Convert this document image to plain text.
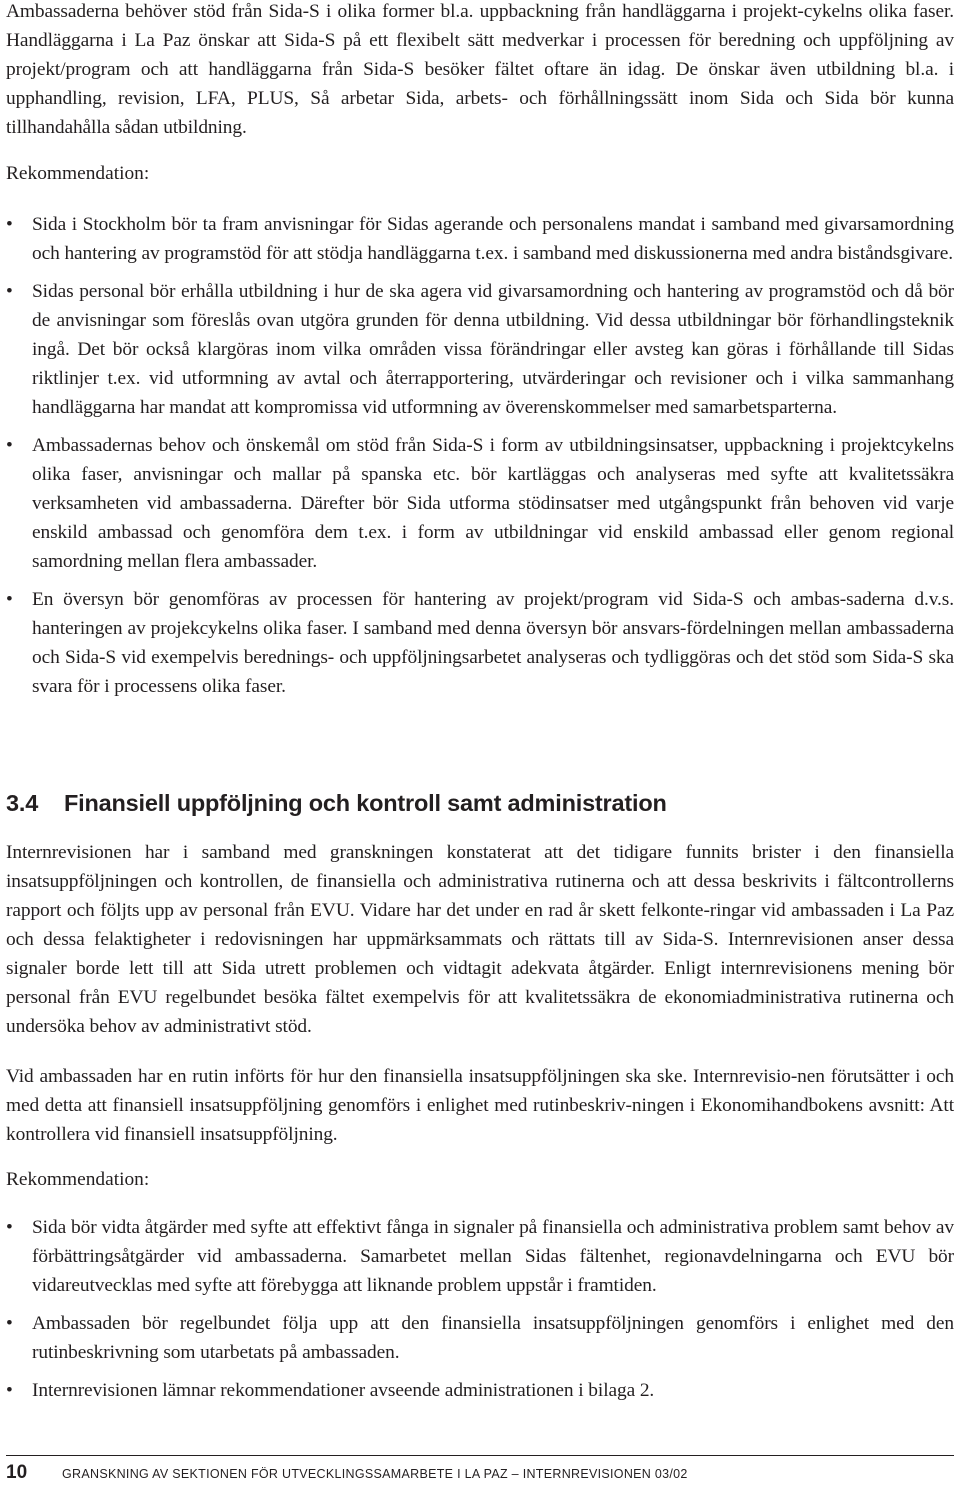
Ambassaderna behöver stöd från Sida-S i olika former bl.a. uppbackning från handläggarna i projekt-cykelns olika faser. Handläggarna i La Paz önskar att Sida-S på ett flexibelt sätt medverkar i processen för beredning och uppföljning av projekt/program och att handläggarna från Sida-S besöker fältet oftare än idag. De önskar även utbildning bl.a. i upphandling, revision, LFA, PLUS, Så arbetar Sida, arbets- och förhållningssätt inom Sida och Sida bör kunna tillhandahålla sådan utbildning.

Rekommendation:
• Sida i Stockholm bör ta fram anvisningar för Sidas agerande och personalens mandat i samband med givarsamordning och hantering av programstöd för att stödja handläggarna t.ex. i samband med diskussionerna med andra biståndsgivare.
• Sidas personal bör erhålla utbildning i hur de ska agera vid givarsamordning och hantering av programstöd och då bör de anvisningar som föreslås ovan utgöra grunden för denna utbildning. Vid dessa utbildningar bör förhandlingsteknik ingå. Det bör också klargöras inom vilka områden vissa förändringar eller avsteg kan göras i förhållande till Sidas riktlinjer t.ex. vid utformning av avtal och återrapportering, utvärderingar och revisioner och i vilka sammanhang handläggarna har mandat att kompromissa vid utformning av överenskommelser med samarbetsparterna.
• Ambassadernas behov och önskemål om stöd från Sida-S i form av utbildningsinsatser, uppbackning i projektcykelns olika faser, anvisningar och mallar på spanska etc. bör kartläggas och analyseras med syfte att kvalitetssäkra verksamheten vid ambassaderna. Därefter bör Sida utforma stödinsatser med utgångspunkt från behoven vid varje enskild ambassad och genomföra dem t.ex. i form av utbildningar vid enskild ambassad eller genom regional samordning mellan flera ambassader.
• En översyn bör genomföras av processen för hantering av projekt/program vid Sida-S och ambas-saderna d.v.s. hanteringen av projekcykelns olika faser. I samband med denna översyn bör ansvars-fördelningen mellan ambassaderna och Sida-S vid exempelvis berednings- och uppföljningsarbetet analyseras och tydliggöras och det stöd som Sida-S ska svara för i processens olika faser.
3.4 Finansiell uppföljning och kontroll samt administration

Internrevisionen har i samband med granskningen konstaterat att det tidigare funnits brister i den finansiella insatsuppföljningen och kontrollen, de finansiella och administrativa rutinerna och att dessa beskrivits i fältcontrollerns rapport och följts upp av personal från EVU. Vidare har det under en rad år skett felkonte-ringar vid ambassaden i La Paz och dessa felaktigheter i redovisningen har uppmärksammats och rättats till av Sida-S. Internrevisionen anser dessa signaler borde lett till att Sida utrett problemen och vidtagit adekvata åtgärder. Enligt internrevisionens mening bör personal från EVU regelbundet besöka fältet exempelvis för att kvalitetssäkra de ekonomiadministrativa rutinerna och undersöka behov av administrativt stöd.

Vid ambassaden har en rutin införts för hur den finansiella insatsuppföljningen ska ske. Internrevisio-nen förutsätter i och med detta att finansiell insatsuppföljning genomförs i enlighet med rutinbeskriv-ningen i Ekonomihandbokens avsnitt: Att kontrollera vid finansiell insatsuppföljning.

Rekommendation:
• Sida bör vidta åtgärder med syfte att effektivt fånga in signaler på finansiella och administrativa problem samt behov av förbättringsåtgärder vid ambassaderna. Samarbetet mellan Sidas fältenhet, regionavdelningarna och EVU bör vidareutvecklas med syfte att förebygga att liknande problem uppstår i framtiden.
• Ambassaden bör regelbundet följa upp att den finansiella insatsuppföljningen genomförs i enlighet med den rutinbeskrivning som utarbetats på ambassaden.
• Internrevisionen lämnar rekommendationer avseende administrationen i bilaga 2.
10	GRANSKNING AV SEKTIONEN FÖR UTVECKLINGSSAMARBETE I LA PAZ – INTERNREVISIONEN 03/02
